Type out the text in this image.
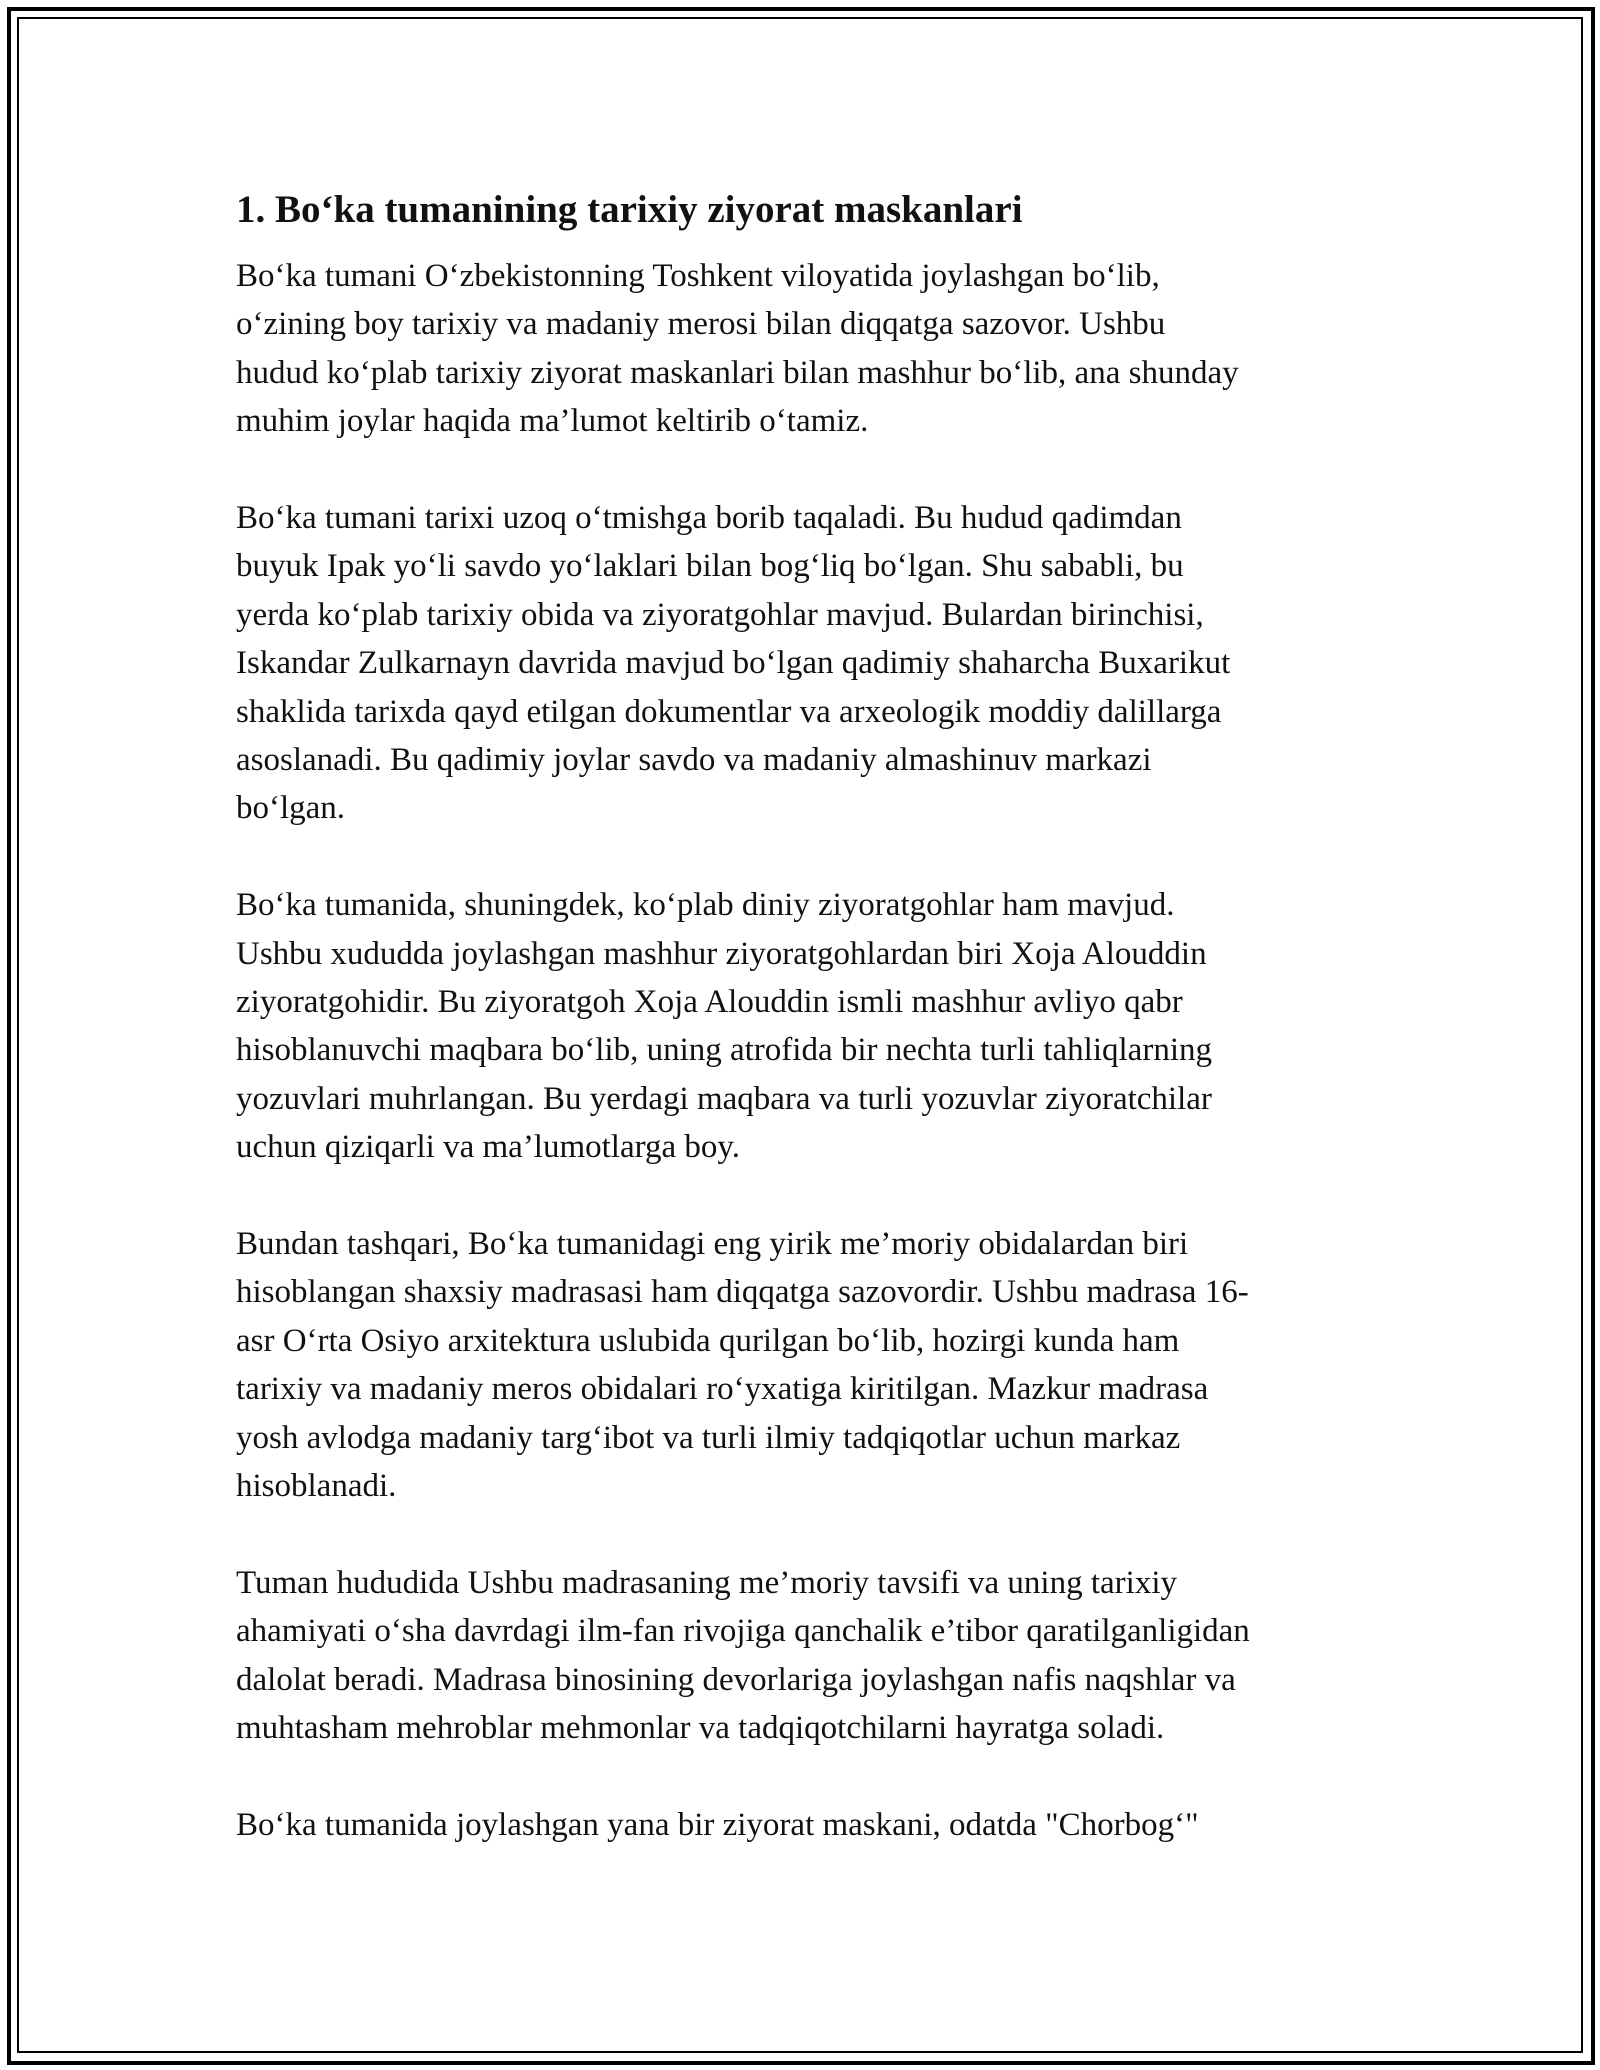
1. Bo‘ka tumanining tarixiy ziyorat maskanlari

Bo‘ka tumani O‘zbekistonning Toshkent viloyatida joylashgan bo‘lib,
o‘zining boy tarixiy va madaniy merosi bilan diqqatga sazovor. Ushbu
hudud ko‘plab tarixiy ziyorat maskanlari bilan mashhur bo‘lib, ana shunday
muhim joylar haqida ma’lumot keltirib o‘tamiz.

Bo‘ka tumani tarixi uzoq o‘tmishga borib taqaladi. Bu hudud qadimdan
buyuk Ipak yo‘li savdo yo‘laklari bilan bog‘liq bo‘lgan. Shu sababli, bu
yerda ko‘plab tarixiy obida va ziyoratgohlar mavjud. Bulardan birinchisi,
Iskandar Zulkarnayn davrida mavjud bo‘lgan qadimiy shaharcha Buxarikut
shaklida tarixda qayd etilgan dokumentlar va arxeologik moddiy dalillarga
asoslanadi. Bu qadimiy joylar savdo va madaniy almashinuv markazi
bo‘lgan.

Bo‘ka tumanida, shuningdek, ko‘plab diniy ziyoratgohlar ham mavjud.
Ushbu xududda joylashgan mashhur ziyoratgohlardan biri Xoja Alouddin
ziyoratgohidir. Bu ziyoratgoh Xoja Alouddin ismli mashhur avliyo qabr
hisoblanuvchi maqbara bo‘lib, uning atrofida bir nechta turli tahliqlarning
yozuvlari muhrlangan. Bu yerdagi maqbara va turli yozuvlar ziyoratchilar
uchun qiziqarli va ma’lumotlarga boy.

Bundan tashqari, Bo‘ka tumanidagi eng yirik me’moriy obidalardan biri
hisoblangan shaxsiy madrasasi ham diqqatga sazovordir. Ushbu madrasa 16-
asr O‘rta Osiyo arxitektura uslubida qurilgan bo‘lib, hozirgi kunda ham
tarixiy va madaniy meros obidalari ro‘yxatiga kiritilgan. Mazkur madrasa
yosh avlodga madaniy targ‘ibot va turli ilmiy tadqiqotlar uchun markaz
hisoblanadi.

Tuman hududida Ushbu madrasaning me’moriy tavsifi va uning tarixiy
ahamiyati o‘sha davrdagi ilm-fan rivojiga qanchalik e’tibor qaratilganligidan
dalolat beradi. Madrasa binosining devorlariga joylashgan nafis naqshlar va
muhtasham mehroblar mehmonlar va tadqiqotchilarni hayratga soladi.

Bo‘ka tumanida joylashgan yana bir ziyorat maskani, odatda "Chorbog‘"
